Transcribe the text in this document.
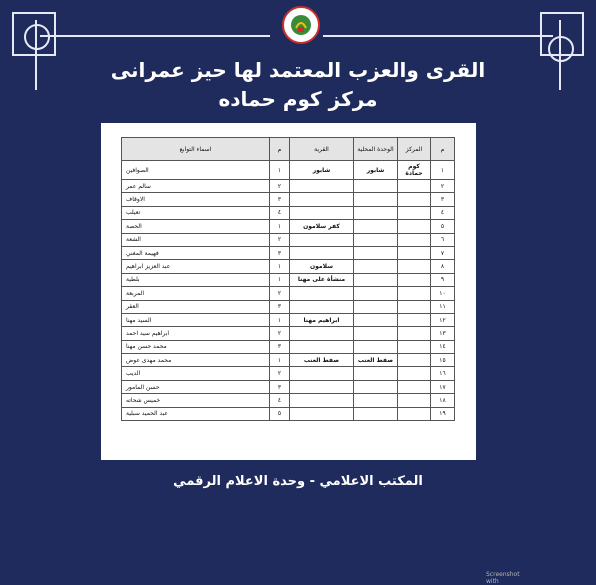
القرى والعزب المعتمد لها حيز عمرانى
مركز كوم حماده
م	المركز	الوحدة المحلية	القرية	م	اسماء التوابع
١	كوم حمادة	شابور	شابور	١	الصوافين
٢				٢	سالم عمر
٣				٣	الاوقاف
٤				٤	تعيلب
٥			كفر سلامون	١	الحصة
٦				٢	الشعة
٧				٣	فهيمة المغني
٨			سلامون	١	عبد العزيز ابراهيم
٩			منشأة على مهنا	١	بلطية
١٠				٢	المربعة
١١				٣	العقر
١٢			ابراهيم مهنا	١	السيد مهنا
١٣				٢	ابراهيم سيد احمد
١٤				٣	محمد حسن مهنا
١٥		صفط العنب	صفط العنب	١	محمد مهدى عوض
١٦				٢	الديب
١٧				٣	حسن المامور
١٨				٤	خميس شحاته
١٩				٥	عبد الحميد سبلية
Screenshot with
المكتب الاعلامي - وحدة الاعلام الرقمي
